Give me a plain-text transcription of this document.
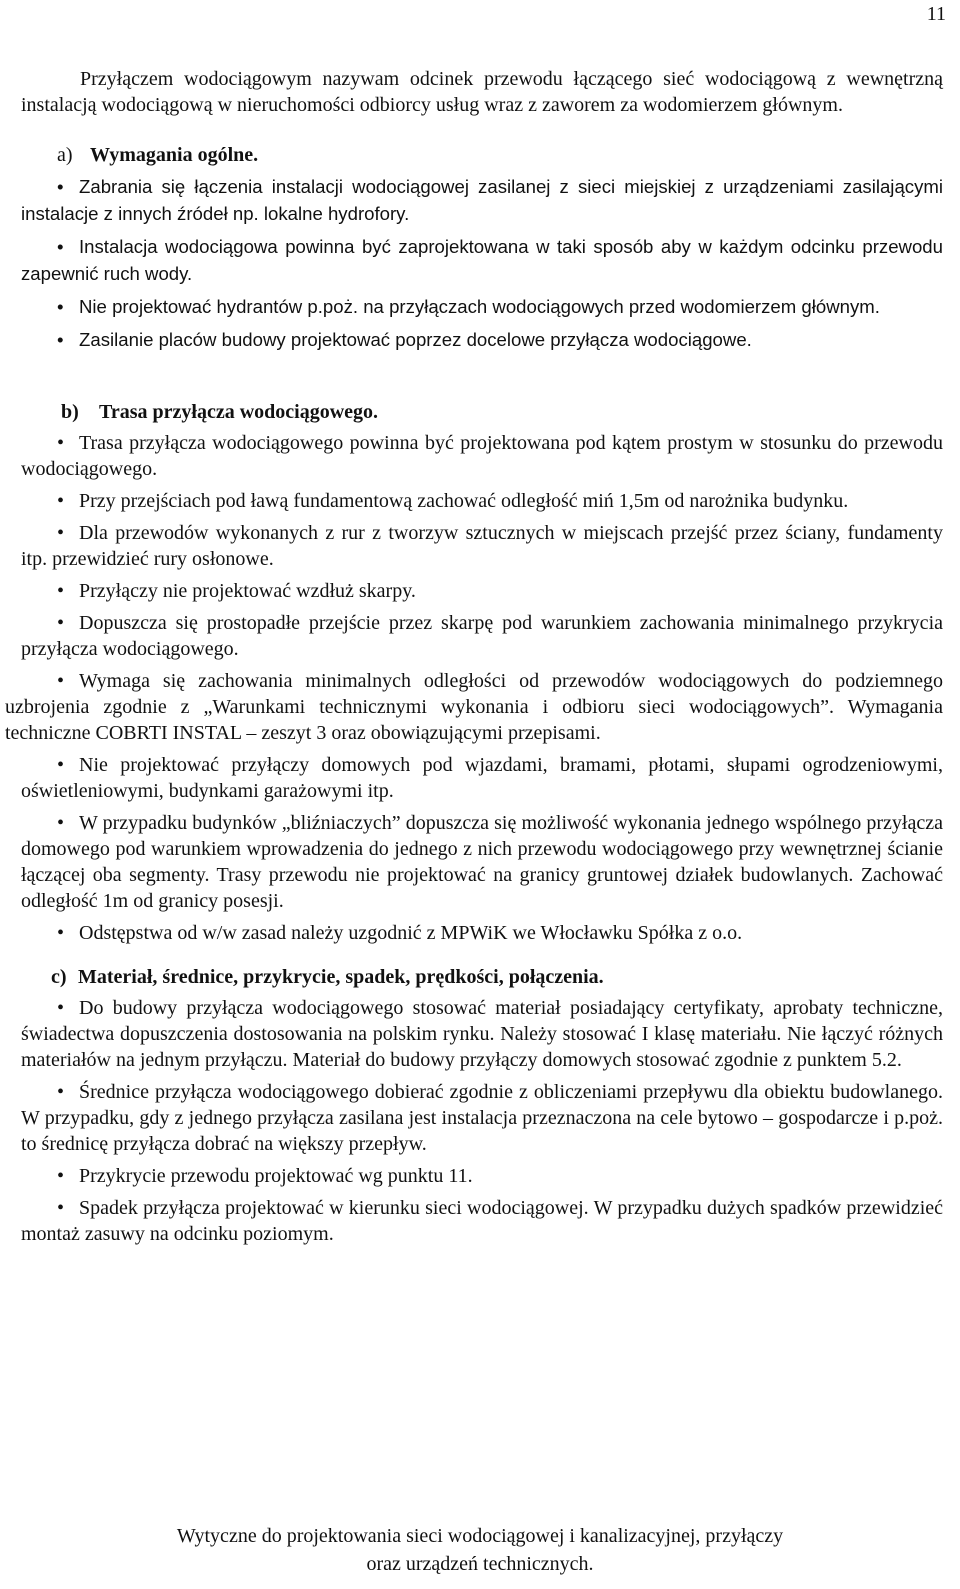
11

Przyłączem wodociągowym nazywam odcinek przewodu łączącego sieć wodociągową z wewnętrzną instalacją wodociągową w nieruchomości odbiorcy usług wraz z zaworem za wodomierzem głównym.

a) Wymagania ogólne.

• Zabrania się łączenia instalacji wodociągowej zasilanej z sieci miejskiej z urządzeniami zasilającymi instalacje z innych źródeł np. lokalne hydrofory.

• Instalacja wodociągowa powinna być zaprojektowana w taki sposób aby w każdym odcinku przewodu zapewnić ruch wody.

• Nie projektować hydrantów p.poż. na przyłączach wodociągowych przed wodomierzem głównym.

• Zasilanie placów budowy projektować poprzez docelowe przyłącza wodociągowe.

b) Trasa przyłącza wodociągowego.

• Trasa przyłącza wodociągowego powinna być projektowana pod kątem prostym w stosunku do przewodu wodociągowego.

• Przy przejściach pod ławą fundamentową zachować odległość miń 1,5m od narożnika budynku.

• Dla przewodów wykonanych z rur z tworzyw sztucznych w miejscach przejść przez ściany, fundamenty itp. przewidzieć rury osłonowe.

• Przyłączy nie projektować wzdłuż skarpy.

• Dopuszcza się prostopadłe przejście przez skarpę pod warunkiem zachowania minimalnego przykrycia przyłącza wodociągowego.

• Wymaga się zachowania minimalnych odległości od przewodów wodociągowych do podziemnego uzbrojenia zgodnie z „Warunkami technicznymi wykonania i odbioru sieci wodociągowych”. Wymagania techniczne COBRTI INSTAL – zeszyt 3 oraz obowiązującymi przepisami.

• Nie projektować przyłączy domowych pod wjazdami, bramami, płotami, słupami ogrodzeniowymi, oświetleniowymi, budynkami garażowymi itp.

• W przypadku budynków „bliźniaczych” dopuszcza się możliwość wykonania jednego wspólnego przyłącza domowego pod warunkiem wprowadzenia do jednego z nich przewodu wodociągowego przy wewnętrznej ścianie łączącej oba segmenty. Trasy przewodu nie projektować na granicy gruntowej działek budowlanych. Zachować odległość 1m od granicy posesji.

• Odstępstwa od w/w zasad należy uzgodnić z MPWiK we Włocławku Spółka z o.o.

c) Materiał, średnice, przykrycie, spadek, prędkości, połączenia.

• Do budowy przyłącza wodociągowego stosować materiał posiadający certyfikaty, aprobaty techniczne, świadectwa dopuszczenia dostosowania na polskim rynku. Należy stosować I klasę materiału. Nie łączyć różnych materiałów na jednym przyłączu. Materiał do budowy przyłączy domowych stosować zgodnie z punktem 5.2.

• Średnice przyłącza wodociągowego dobierać zgodnie z obliczeniami przepływu dla obiektu budowlanego. W przypadku, gdy z jednego przyłącza zasilana jest instalacja przeznaczona na cele bytowo – gospodarcze i p.poż. to średnicę przyłącza dobrać na większy przepływ.

• Przykrycie przewodu projektować wg punktu 11.

• Spadek przyłącza projektować w kierunku sieci wodociągowej. W przypadku dużych spadków przewidzieć montaż zasuwy na odcinku poziomym.

Wytyczne do projektowania sieci wodociągowej i kanalizacyjnej, przyłączy
oraz urządzeń technicznych.
